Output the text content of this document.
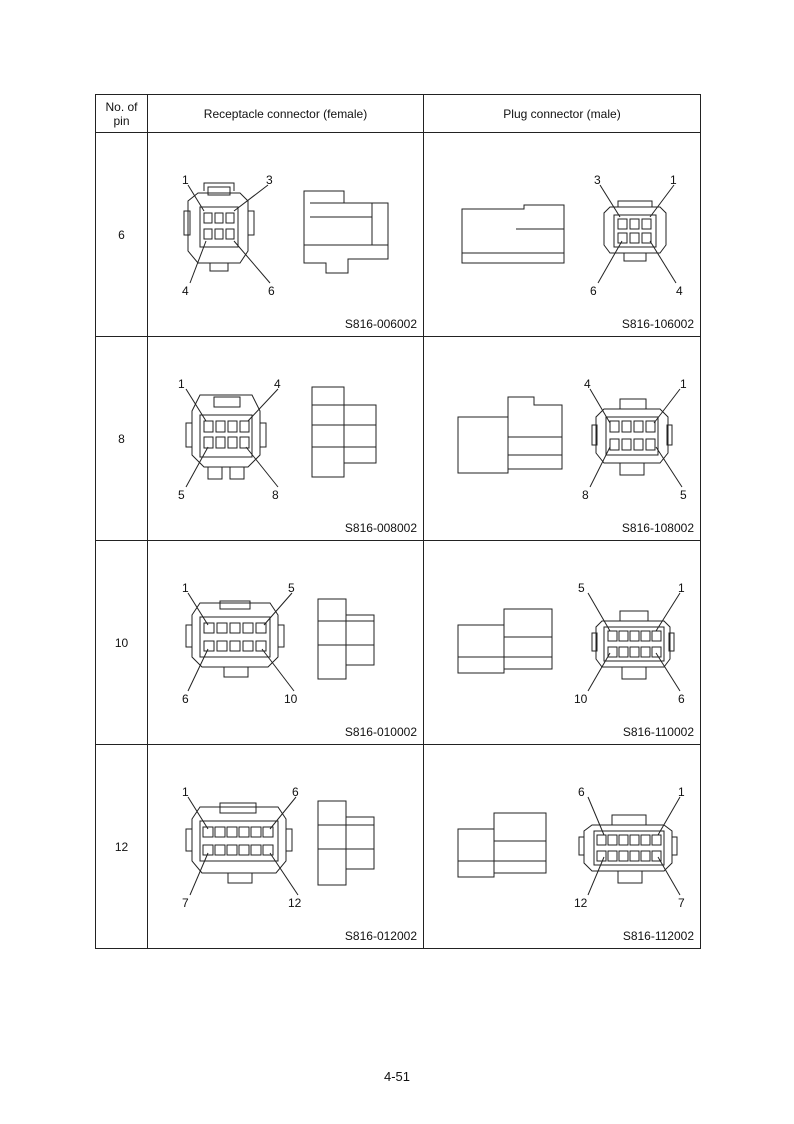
No. of
pin	Receptacle connector (female)	Plug connector (male)
6	1 3
4 6
S816-006002	3 1
6 4
S816-106002

8	1 4
5 8
S816-008002	4 1
8 5
S816-108002

10	1 5
6 10
S816-010002	5 1
10 6
S816-110002

12	1 6
7 12
S816-012002	6 1
12 7
S816-112002
4-51
